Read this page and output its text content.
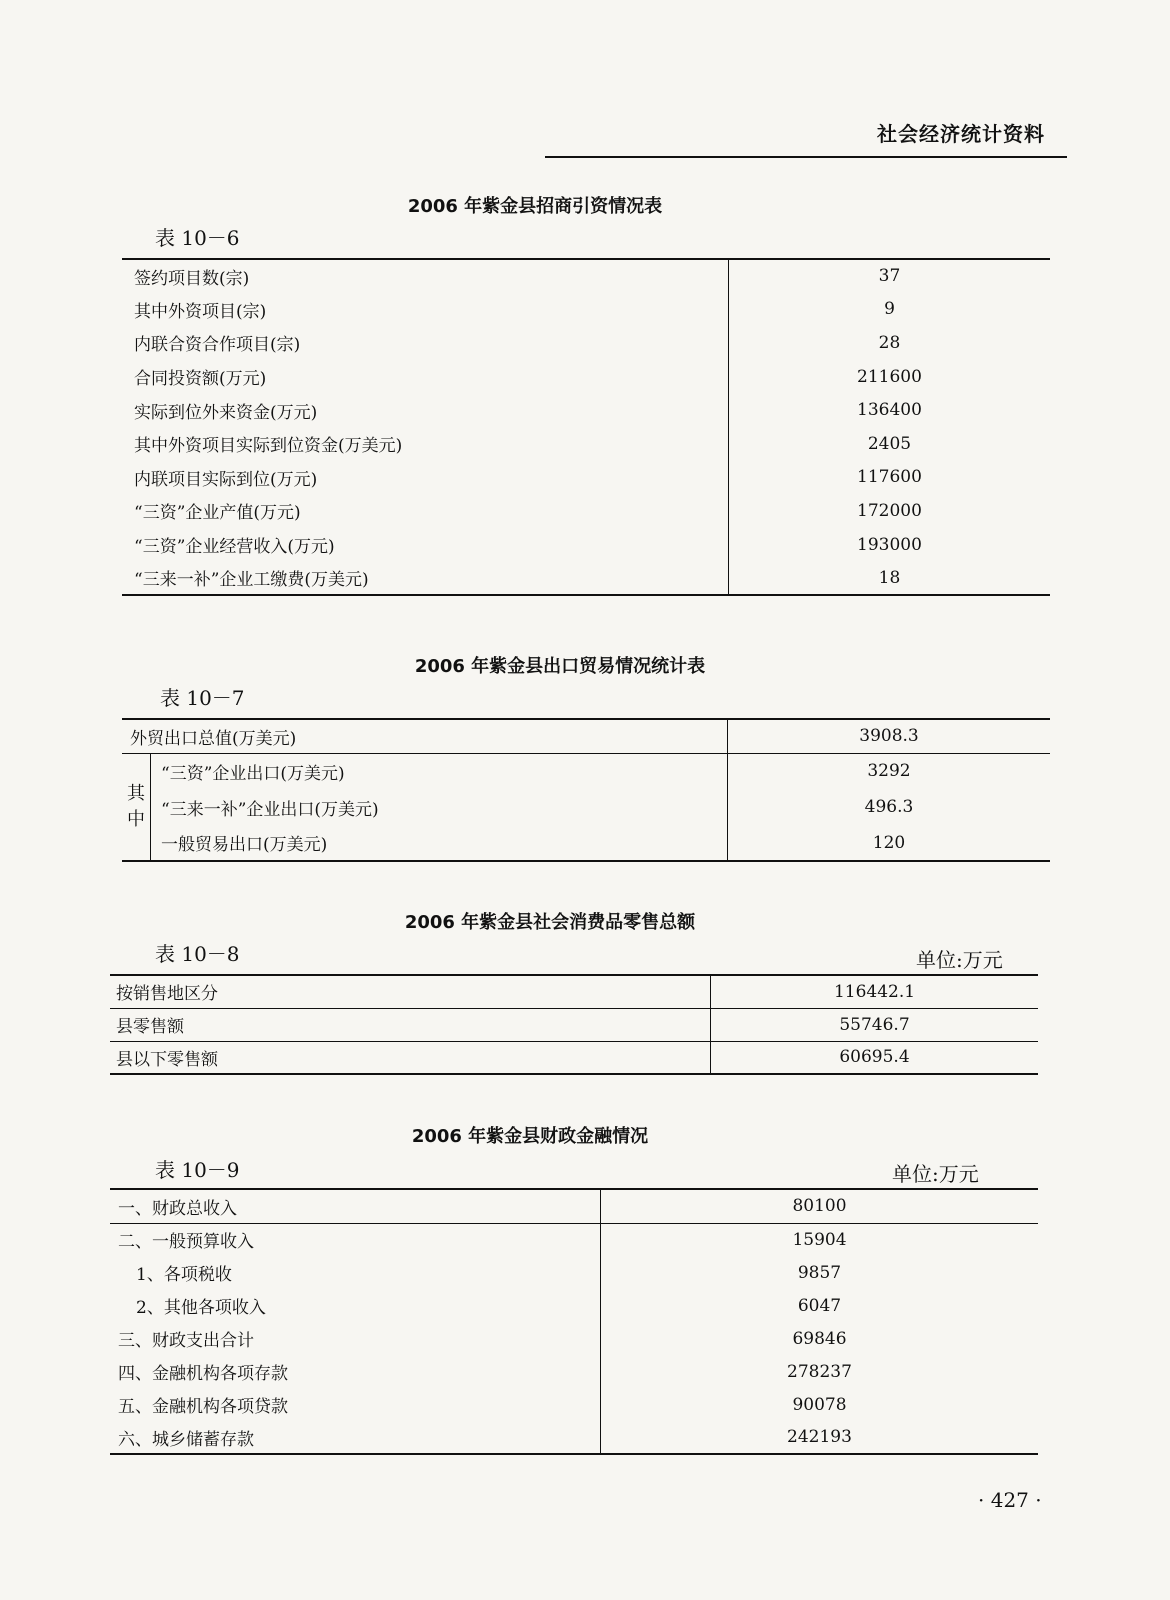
社会经济统计资料
2006 年紫金县招商引资情况表
表 10－6
签约项目数(宗)	37
其中外资项目(宗)	9
内联合资合作项目(宗)	28
合同投资额(万元)	211600
实际到位外来资金(万元)	136400
其中外资项目实际到位资金(万美元)	2405
内联项目实际到位(万元)	117600
“三资”企业产值(万元)	172000
“三资”企业经营收入(万元)	193000
“三来一补”企业工缴费(万美元)	18
2006 年紫金县出口贸易情况统计表
表 10－7
外贸出口总值(万美元)		3908.3
其中	“三资”企业出口(万美元)	3292
	“三来一补”企业出口(万美元)	496.3
	一般贸易出口(万美元)	120
2006 年紫金县社会消费品零售总额
表 10－8	单位:万元
按销售地区分	116442.1
县零售额	55746.7
县以下零售额	60695.4
2006 年紫金县财政金融情况
表 10－9	单位:万元
一、财政总收入	80100
二、一般预算收入	15904
1、各项税收	9857
2、其他各项收入	6047
三、财政支出合计	69846
四、金融机构各项存款	278237
五、金融机构各项贷款	90078
六、城乡储蓄存款	242193
· 427 ·
